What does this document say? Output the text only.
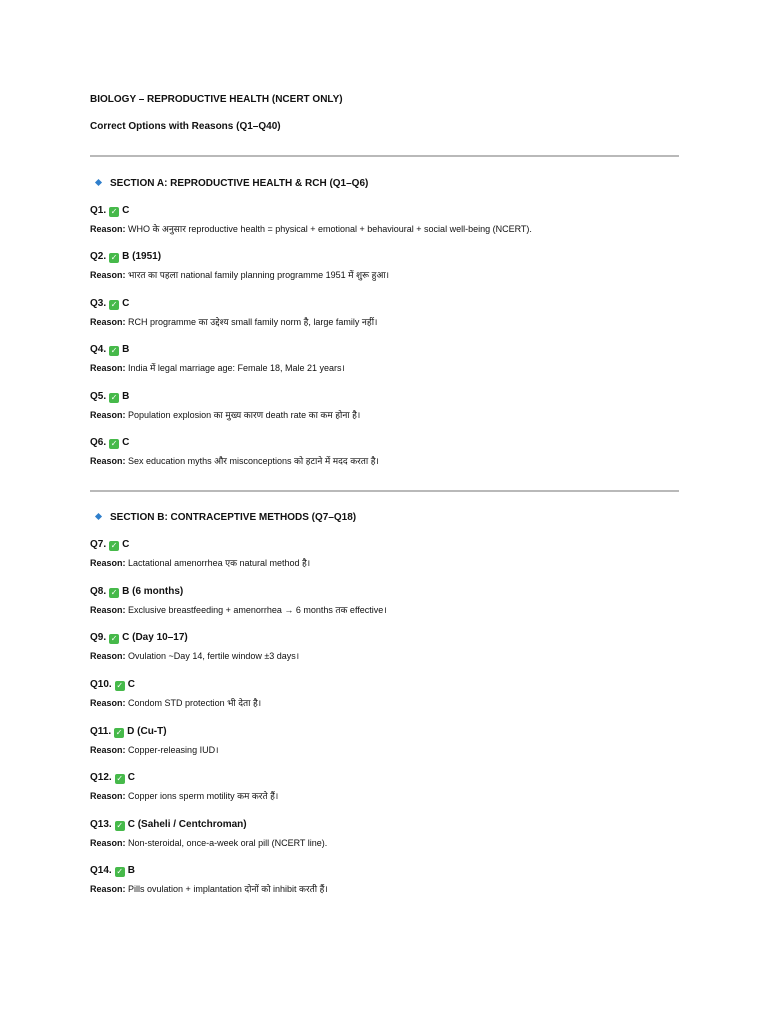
BIOLOGY – REPRODUCTIVE HEALTH (NCERT ONLY)
Correct Options with Reasons (Q1–Q40)
SECTION A: REPRODUCTIVE HEALTH & RCH (Q1–Q6)
Q1. ✓ C
Reason: WHO के अनुसार reproductive health = physical + emotional + behavioural + social well-being (NCERT).
Q2. ✓ B (1951)
Reason: भारत का पहला national family planning programme 1951 में शुरू हुआ।
Q3. ✓ C
Reason: RCH programme का उद्देश्य small family norm है, large family नहीं।
Q4. ✓ B
Reason: India में legal marriage age: Female 18, Male 21 years।
Q5. ✓ B
Reason: Population explosion का मुख्य कारण death rate का कम होना है।
Q6. ✓ C
Reason: Sex education myths और misconceptions को हटाने में मदद करता है।
SECTION B: CONTRACEPTIVE METHODS (Q7–Q18)
Q7. ✓ C
Reason: Lactational amenorrhea एक natural method है।
Q8. ✓ B (6 months)
Reason: Exclusive breastfeeding + amenorrhea → 6 months तक effective।
Q9. ✓ C (Day 10–17)
Reason: Ovulation ~Day 14, fertile window ±3 days।
Q10. ✓ C
Reason: Condom STD protection भी देता है।
Q11. ✓ D (Cu-T)
Reason: Copper-releasing IUD।
Q12. ✓ C
Reason: Copper ions sperm motility कम करते हैं।
Q13. ✓ C (Saheli / Centchroman)
Reason: Non-steroidal, once-a-week oral pill (NCERT line).
Q14. ✓ B
Reason: Pills ovulation + implantation दोनों को inhibit करती हैं।
